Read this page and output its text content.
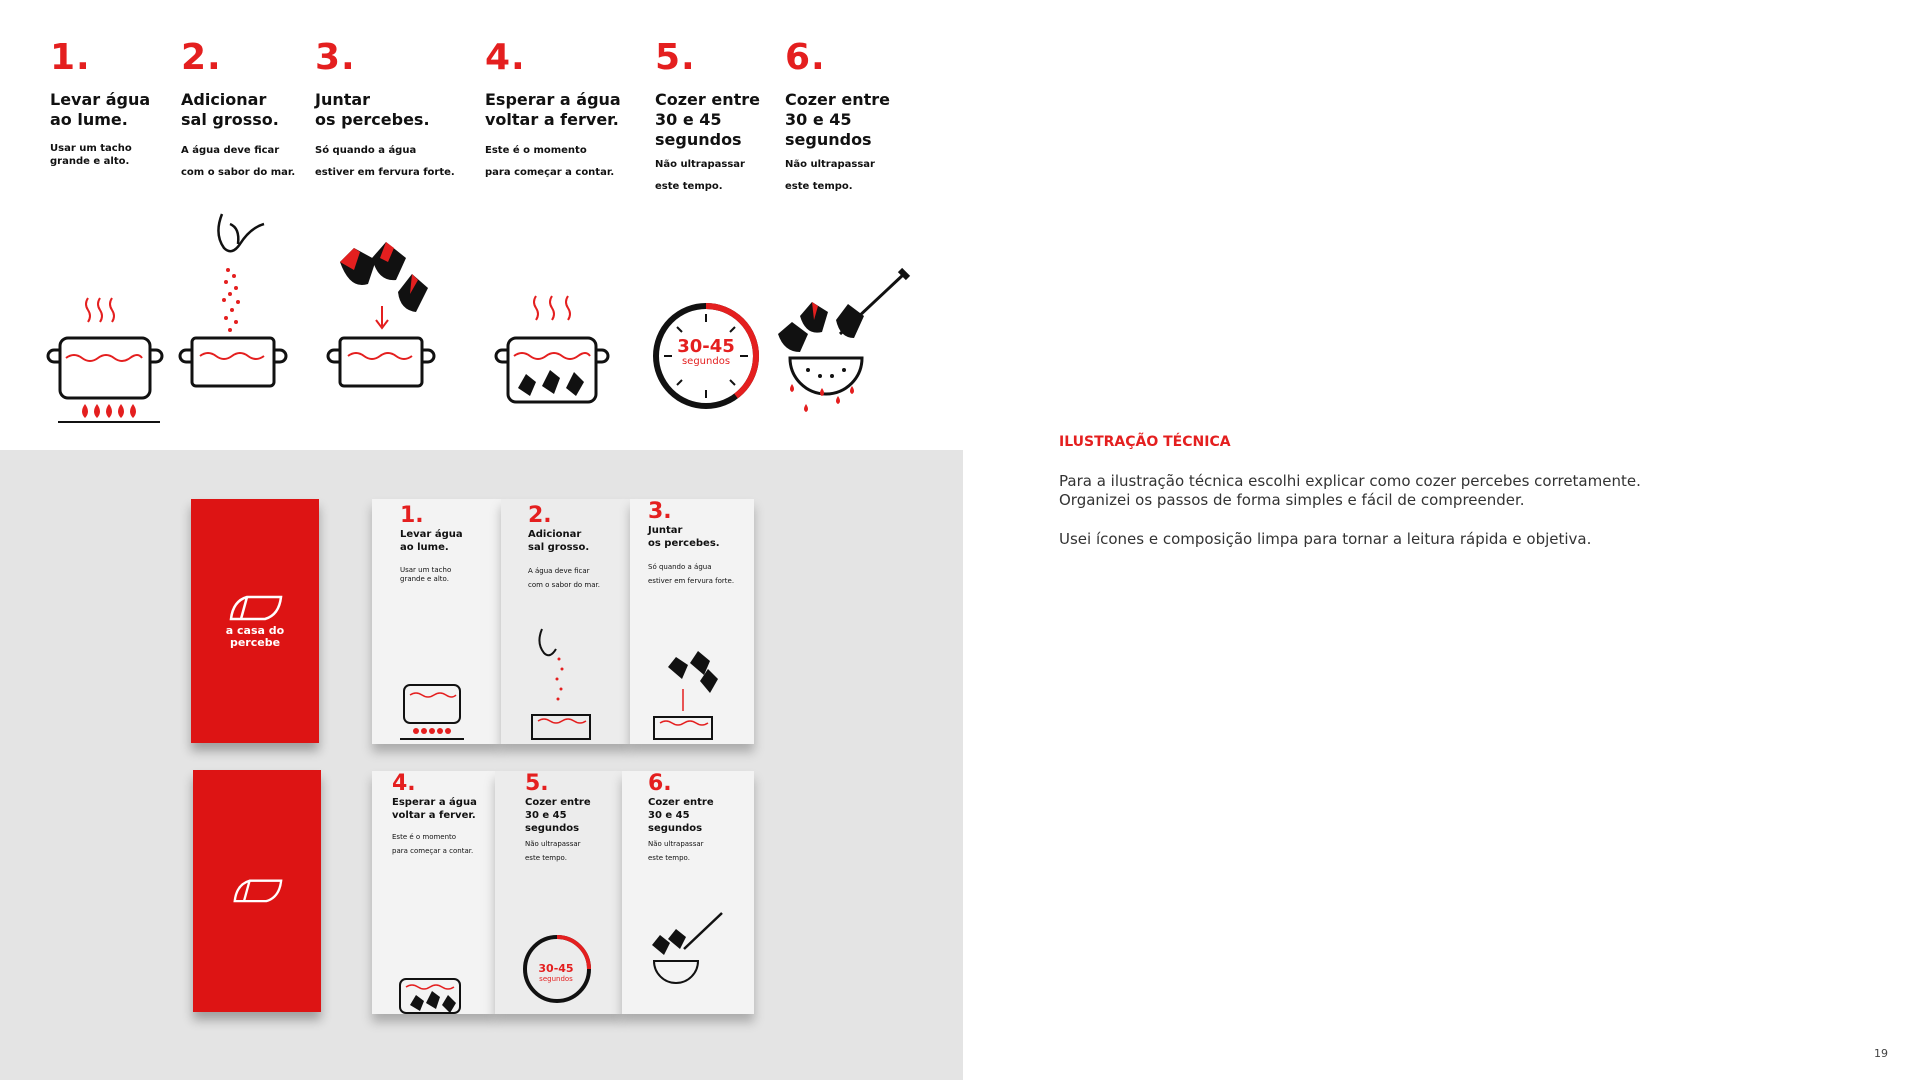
1.
Levar água
ao lume.
Usar um tacho
grande e alto.
2.
Adicionar
sal grosso.
A água deve ficar
com o sabor do mar.
3.
Juntar
os percebes.
Só quando a água
estiver em fervura forte.
4.
Esperar a água
voltar a ferver.
Este é o momento
para começar a contar.
5.
Cozer entre
30 e 45
segundos
Não ultrapassar
este tempo.
6.
Cozer entre
30 e 45
segundos
Não ultrapassar
este tempo.
30-45
segundos
a casa do
percebe
1.
Levar água
ao lume.
Usar um tacho
grande e alto.
2.
Adicionar
sal grosso.
A água deve ficar
com o sabor do mar.
3.
Juntar
os percebes.
Só quando a água
estiver em fervura forte.
4.
Esperar a água
voltar a ferver.
Este é o momento
para começar a contar.
5.
Cozer entre
30 e 45
segundos
Não ultrapassar
este tempo.
6.
Cozer entre
30 e 45
segundos
Não ultrapassar
este tempo.
30-45
segundos
ILUSTRAÇÃO TÉCNICA
Para a ilustração técnica escolhi explicar como cozer percebes corretamente.
Organizei os passos de forma simples e fácil de compreender.
Usei ícones e composição limpa para tornar a leitura rápida e objetiva.
19
